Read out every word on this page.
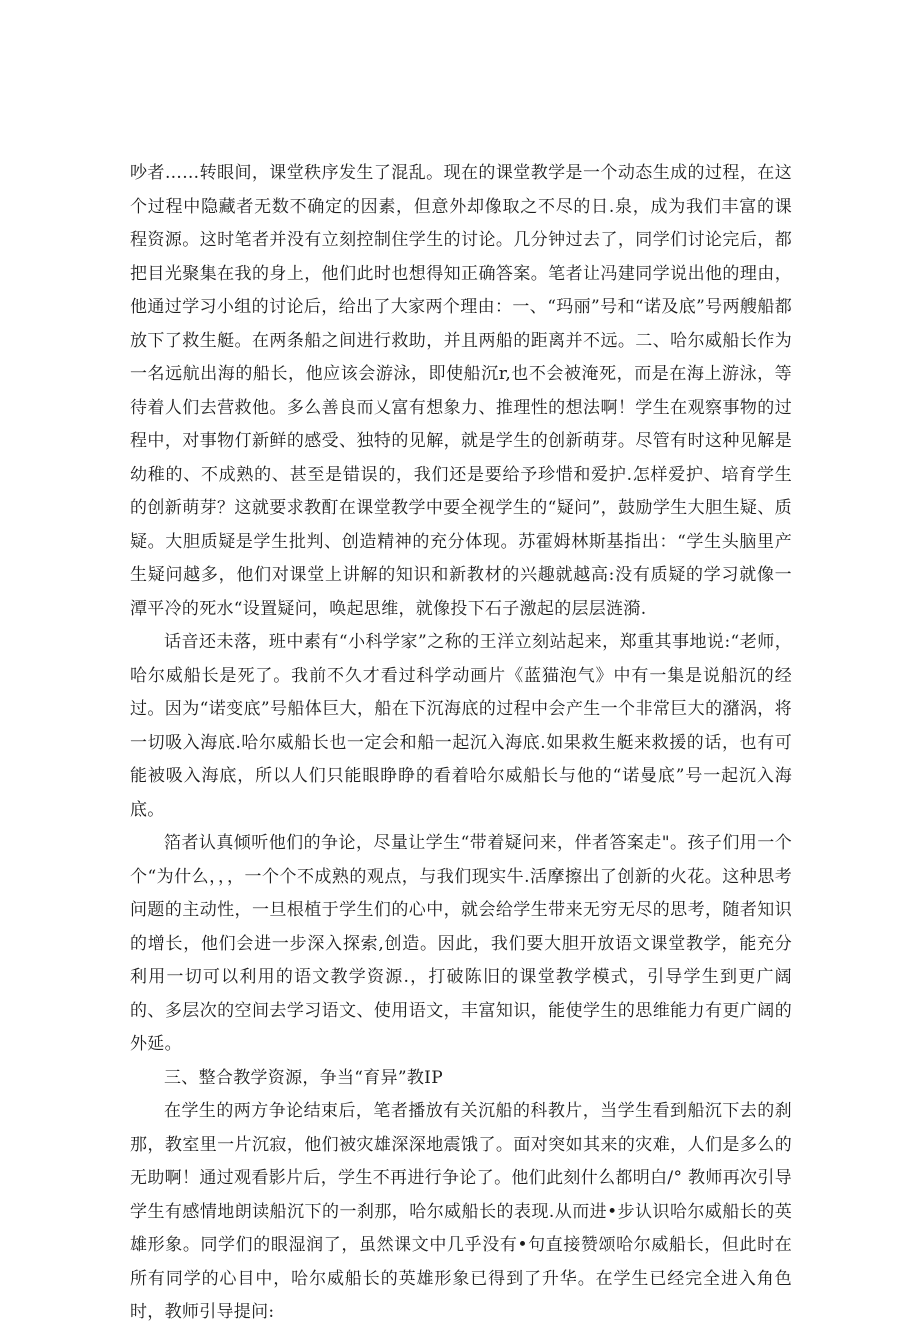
吵者……转眼间，课堂秩序发生了混乱。现在的课堂教学是一个动态生成的过程，在这个过程中隐藏者无数不确定的因素，但意外却像取之不尽的日.泉，成为我们丰富的课程资源。这时笔者并没有立刻控制住学生的讨论。几分钟过去了，同学们讨论完后，都把目光聚集在我的身上，他们此时也想得知正确答案。笔者让冯建同学说出他的理由，他通过学习小组的讨论后，给出了大家两个理由：一、“玛丽”号和“诺及底”号两艘船都放下了救生艇。在两条船之间进行救助，并且两船的距离并不远。二、哈尔威船长作为一名远航出海的船长，他应该会游泳，即使船沉r,也不会被淹死，而是在海上游泳，等待着人们去营救他。多么善良而乂富有想象力、推理性的想法啊！学生在观察事物的过程中，对事物仃新鲜的感受、独特的见解，就是学生的创新萌芽。尽管有时这种见解是幼稚的、不成熟的、甚至是错误的，我们还是要给予珍惜和爱护.怎样爱护、培育学生的创新萌芽？这就要求教酊在课堂教学中要全视学生的“疑问”，鼓励学生大胆生疑、质疑。大胆质疑是学生批判、创造精神的充分体现。苏霍姆林斯基指出：“学生头脑里产生疑问越多，他们对课堂上讲解的知识和新教材的兴趣就越高:没有质疑的学习就像一潭平冷的死水“设置疑问，唤起思维，就像投下石子激起的层层涟漪.

话音还未落，班中素有“小科学家”之称的王洋立刻站起来，郑重其事地说:“老师，哈尔威船长是死了。我前不久才看过科学动画片《蓝猫泡气》中有一集是说船沉的经过。因为“诺变底”号船体巨大，船在下沉海底的过程中会产生一个非常巨大的潴涡，将一切吸入海底.哈尔威船长也一定会和船一起沉入海底.如果救生艇来救援的话，也有可能被吸入海底，所以人们只能眼睁睁的看着哈尔威船长与他的“诺曼底”号一起沉入海底。

箔者认真倾听他们的争论，尽量让学生“带着疑问来，伴者答案走"。孩子们用一个个“为什么，，，一个个不成熟的观点，与我们现实牛.活摩擦出了创新的火花。这种思考问题的主动性，一旦根植于学生们的心中，就会给学生带来无穷无尽的思考，随者知识的增长，他们会进一步深入探索,创造。因此，我们要大胆开放语文课堂教学，能充分利用一切可以利用的语文教学资源.，打破陈旧的课堂教学模式，引导学生到更广阔的、多层次的空间去学习语文、使用语文，丰富知识，能使学生的思维能力有更广阔的外延。

三、整合教学资源，争当“育异”教IP

在学生的两方争论结束后，笔者播放有关沉船的科教片，当学生看到船沉下去的刹那，教室里一片沉寂，他们被灾雄深深地震饿了。面对突如其来的灾难，人们是多么的无助啊！通过观看影片后，学生不再进行争论了。他们此刻什么都明白/° 教师再次引导学生有感情地朗读船沉下的一刹那，哈尔威船长的表现.从而进•步认识哈尔威船长的英雄形象。同学们的眼湿润了，虽然课文中几乎没有•句直接赞颂哈尔威船长，但此时在所有同学的心目中，哈尔威船长的英雄形象已得到了升华。在学生已经完全进入角色时，教师引导提问:
